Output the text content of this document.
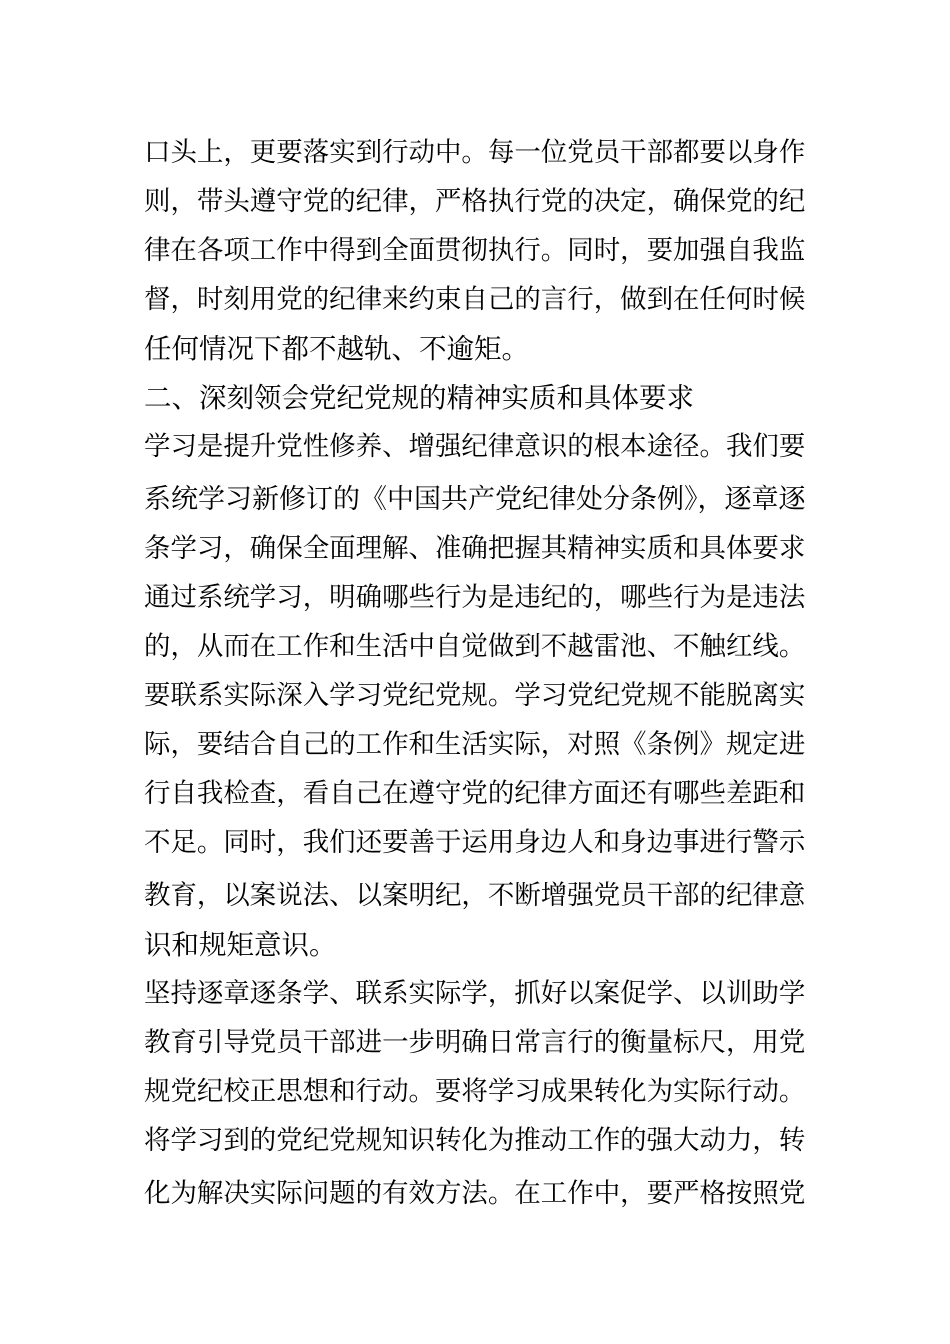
口头上，更要落实到行动中。每一位党员干部都要以身作
则，带头遵守党的纪律，严格执行党的决定，确保党的纪
律在各项工作中得到全面贯彻执行。同时，要加强自我监
督，时刻用党的纪律来约束自己的言行，做到在任何时候
任何情况下都不越轨、不逾矩。
二、深刻领会党纪党规的精神实质和具体要求
学习是提升党性修养、增强纪律意识的根本途径。我们要
系统学习新修订的《中国共产党纪律处分条例》，逐章逐
条学习，确保全面理解、准确把握其精神实质和具体要求
通过系统学习，明确哪些行为是违纪的，哪些行为是违法
的，从而在工作和生活中自觉做到不越雷池、不触红线。
要联系实际深入学习党纪党规。学习党纪党规不能脱离实
际，要结合自己的工作和生活实际，对照《条例》规定进
行自我检查，看自己在遵守党的纪律方面还有哪些差距和
不足。同时，我们还要善于运用身边人和身边事进行警示
教育，以案说法、以案明纪，不断增强党员干部的纪律意
识和规矩意识。
坚持逐章逐条学、联系实际学，抓好以案促学、以训助学
教育引导党员干部进一步明确日常言行的衡量标尺，用党
规党纪校正思想和行动。要将学习成果转化为实际行动。
将学习到的党纪党规知识转化为推动工作的强大动力，转
化为解决实际问题的有效方法。在工作中，要严格按照党
